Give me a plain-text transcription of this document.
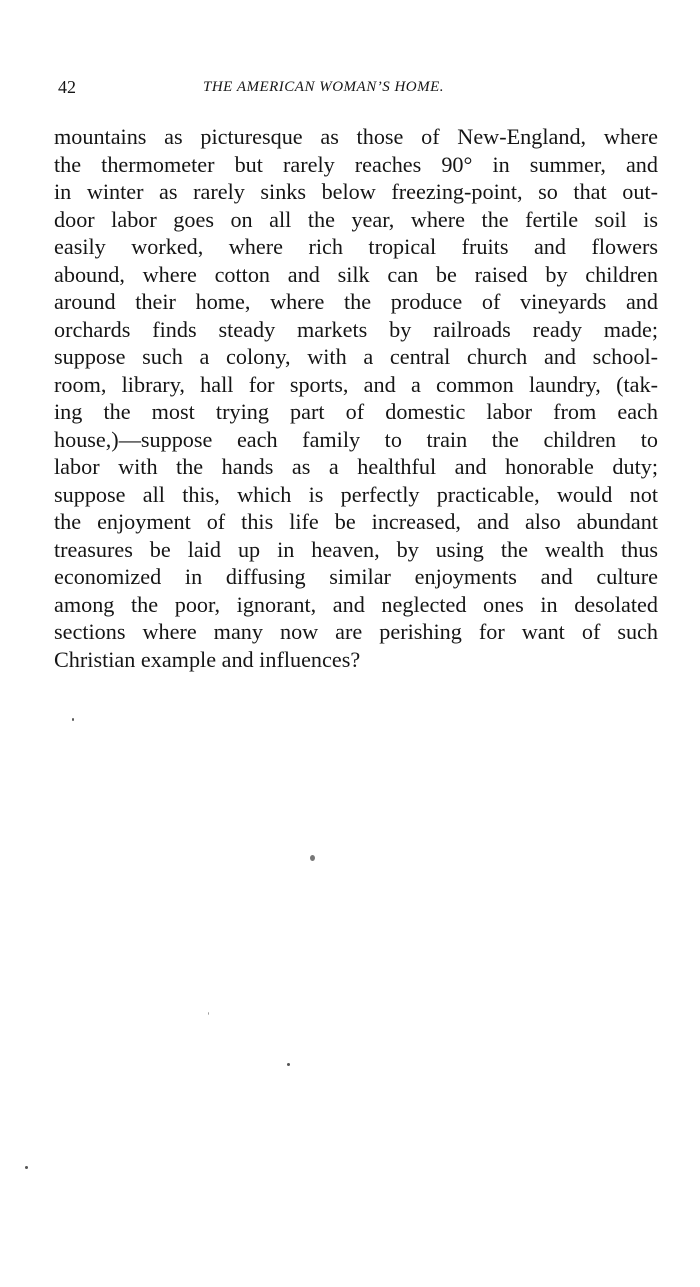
42	THE AMERICAN WOMAN’S HOME.
mountains as picturesque as those of New-England, where
the thermometer but rarely reaches 90° in summer, and
in winter as rarely sinks below freezing-point, so that out-
door labor goes on all the year, where the fertile soil is
easily worked, where rich tropical fruits and flowers
abound, where cotton and silk can be raised by children
around their home, where the produce of vineyards and
orchards finds steady markets by railroads ready made;
suppose such a colony, with a central church and school-
room, library, hall for sports, and a common laundry, (tak-
ing the most trying part of domestic labor from each
house,)—suppose each family to train the children to
labor with the hands as a healthful and honorable duty;
suppose all this, which is perfectly practicable, would not
the enjoyment of this life be increased, and also abundant
treasures be laid up in heaven, by using the wealth thus
economized in diffusing similar enjoyments and culture
among the poor, ignorant, and neglected ones in desolated
sections where many now are perishing for want of such
Christian example and influences?
